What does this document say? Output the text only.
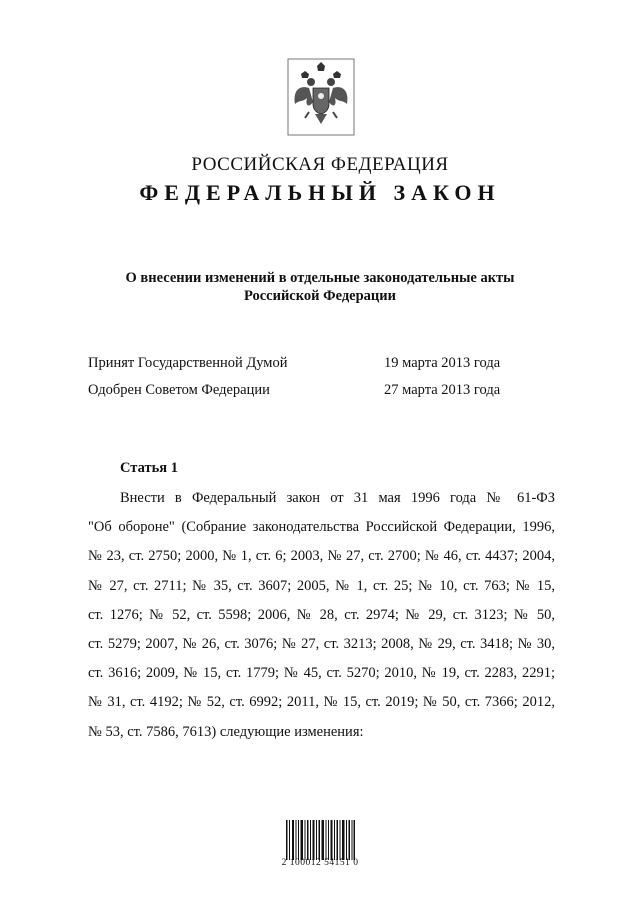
РОССИЙСКАЯ ФЕДЕРАЦИЯ
ФЕДЕРАЛЬНЫЙ ЗАКОН
О внесении изменений в отдельные законодательные акты
Российской Федерации
Принят Государственной Думой	19 марта 2013 года
Одобрен Советом Федерации	27 марта 2013 года
Статья 1
Внести в Федеральный закон от 31 мая 1996 года № 61-ФЗ
"Об обороне" (Собрание законодательства Российской Федерации, 1996,
№ 23, ст. 2750; 2000, № 1, ст. 6; 2003, № 27, ст. 2700; № 46, ст. 4437; 2004,
№ 27, ст. 2711; № 35, ст. 3607; 2005, № 1, ст. 25; № 10, ст. 763; № 15,
ст. 1276; № 52, ст. 5598; 2006, № 28, ст. 2974; № 29, ст. 3123; № 50,
ст. 5279; 2007, № 26, ст. 3076; № 27, ст. 3213; 2008, № 29, ст. 3418; № 30,
ст. 3616; 2009, № 15, ст. 1779; № 45, ст. 5270; 2010, № 19, ст. 2283, 2291;
№ 31, ст. 4192; № 52, ст. 6992; 2011, № 15, ст. 2019; № 50, ст. 7366; 2012,
№ 53, ст. 7586, 7613) следующие изменения:
2 100012 54151 0
